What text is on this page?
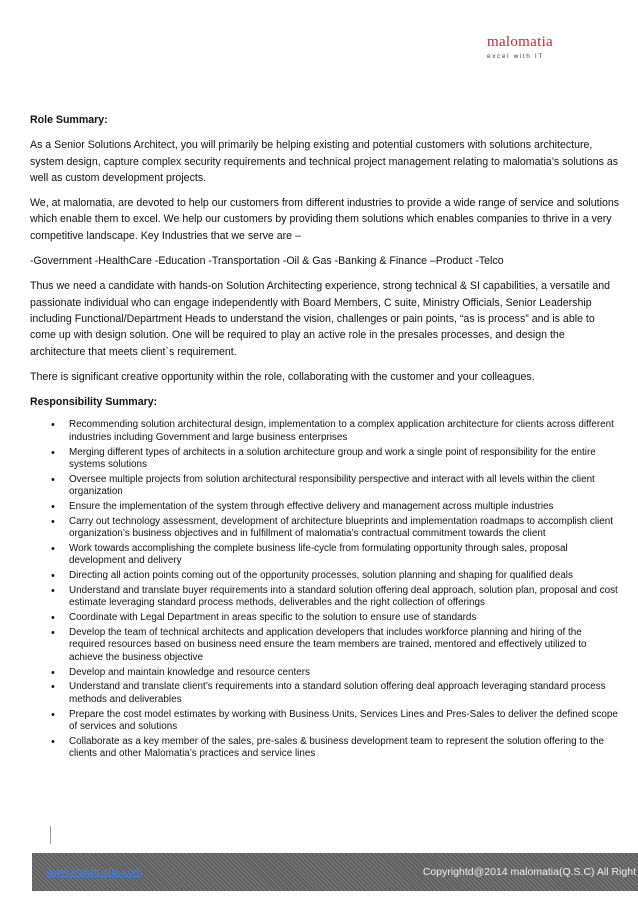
malomatia
excel with IT
Role Summary:

As a Senior Solutions Architect, you will primarily be helping existing and potential customers with solutions architecture, system design, capture complex security requirements and technical project management relating to malomatia’s solutions as well as custom development projects.

We, at malomatia, are devoted to help our customers from different industries to provide a wide range of service and solutions which enable them to excel. We help our customers by providing them solutions which enables companies to thrive in a very competitive landscape. Key Industries that we serve are –

-Government -HealthCare -Education -Transportation -Oil & Gas -Banking & Finance –Product -Telco

Thus we need a candidate with hands-on Solution Architecting experience, strong technical & SI capabilities, a versatile and passionate individual who can engage independently with Board Members, C suite, Ministry Officials, Senior Leadership including Functional/Department Heads to understand the vision, challenges or pain points, “as is process” and is able to come up with design solution. One will be required to play an active role in the presales processes, and design the architecture that meets client`s requirement.

There is significant creative opportunity within the role, collaborating with the customer and your colleagues.

Responsibility Summary:
• Recommending solution architectural design, implementation to a complex application architecture for clients across different industries including Government and large business enterprises
• Merging different types of architects in a solution architecture group and work a single point of responsibility for the entire systems solutions
• Oversee multiple projects from solution architectural responsibility perspective and interact with all levels within the client organization
• Ensure the implementation of the system through effective delivery and management across multiple industries
• Carry out technology assessment, development of architecture blueprints and implementation roadmaps to accomplish client organization’s business objectives and in fulfillment of malomatia’s contractual commitment towards the client
• Work towards accomplishing the complete business life-cycle from formulating opportunity through sales, proposal development and delivery
• Directing all action points coming out of the opportunity processes, solution planning and shaping for qualified deals
• Understand and translate buyer requirements into a standard solution offering deal approach, solution plan, proposal and cost estimate leveraging standard process methods, deliverables and the right collection of offerings
• Coordinate with Legal Department in areas specific to the solution to ensure use of standards
• Develop the team of technical architects and application developers that includes workforce planning and hiring of the required resources based on business need ensure the team members are trained, mentored and effectively utilized to achieve the business objective
• Develop and maintain knowledge and resource centers
• Understand and translate client’s requirements into a standard solution offering deal approach leveraging standard process methods and deliverables
• Prepare the cost model estimates by working with Business Units, Services Lines and Pres-Sales to deliver the defined scope of services and solutions
• Collaborate as a key member of the sales, pre-sales & business development team to represent the solution offering to the clients and other Malomatia’s practices and service lines
www.malomatia.com	Copyrightd@2014 malomatia(Q.S.C) All Right
